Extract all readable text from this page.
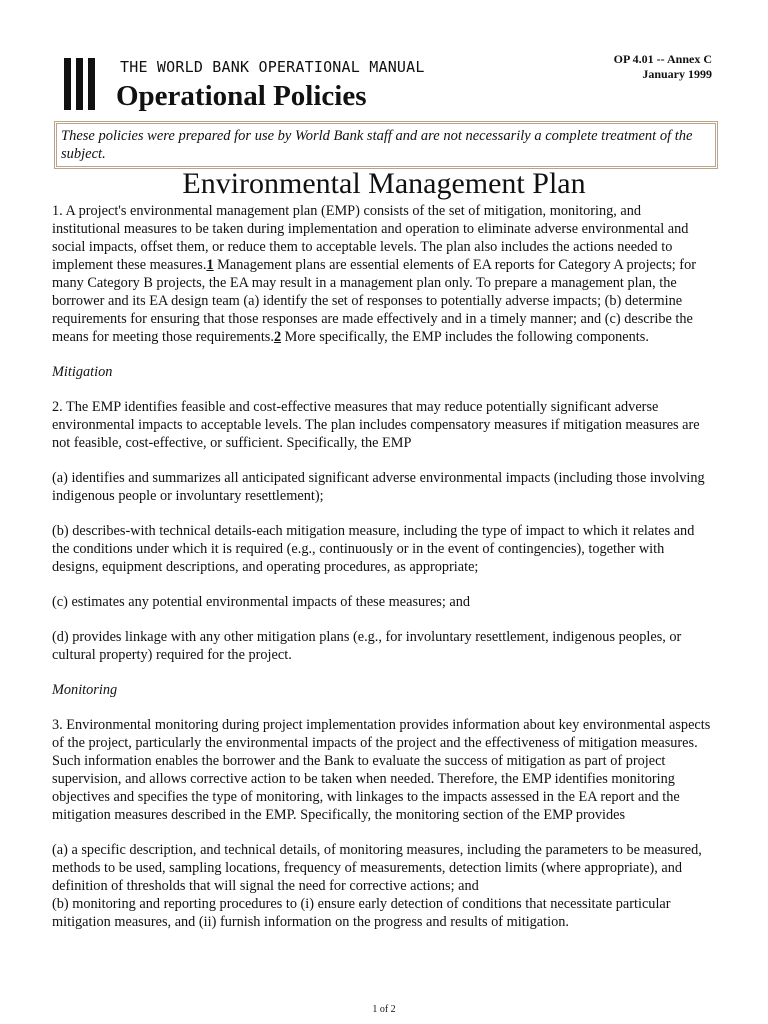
THE WORLD BANK OPERATIONAL MANUAL
Operational Policies
OP 4.01 -- Annex C
January 1999
These policies were prepared for use by World Bank staff and are not necessarily a complete treatment of the subject.
Environmental Management Plan

1. A project's environmental management plan (EMP) consists of the set of mitigation, monitoring, and institutional measures to be taken during implementation and operation to eliminate adverse environmental and social impacts, offset them, or reduce them to acceptable levels. The plan also includes the actions needed to implement these measures.1 Management plans are essential elements of EA reports for Category A projects; for many Category B projects, the EA may result in a management plan only. To prepare a management plan, the borrower and its EA design team (a) identify the set of responses to potentially adverse impacts; (b) determine requirements for ensuring that those responses are made effectively and in a timely manner; and (c) describe the means for meeting those requirements.2 More specifically, the EMP includes the following components.

Mitigation

2. The EMP identifies feasible and cost-effective measures that may reduce potentially significant adverse environmental impacts to acceptable levels. The plan includes compensatory measures if mitigation measures are not feasible, cost-effective, or sufficient. Specifically, the EMP

(a) identifies and summarizes all anticipated significant adverse environmental impacts (including those involving indigenous people or involuntary resettlement);

(b) describes-with technical details-each mitigation measure, including the type of impact to which it relates and the conditions under which it is required (e.g., continuously or in the event of contingencies), together with designs, equipment descriptions, and operating procedures, as appropriate;

(c) estimates any potential environmental impacts of these measures; and

(d) provides linkage with any other mitigation plans (e.g., for involuntary resettlement, indigenous peoples, or cultural property) required for the project.

Monitoring

3. Environmental monitoring during project implementation provides information about key environmental aspects of the project, particularly the environmental impacts of the project and the effectiveness of mitigation measures. Such information enables the borrower and the Bank to evaluate the success of mitigation as part of project supervision, and allows corrective action to be taken when needed. Therefore, the EMP identifies monitoring objectives and specifies the type of monitoring, with linkages to the impacts assessed in the EA report and the mitigation measures described in the EMP. Specifically, the monitoring section of the EMP provides

(a) a specific description, and technical details, of monitoring measures, including the parameters to be measured, methods to be used, sampling locations, frequency of measurements, detection limits (where appropriate), and definition of thresholds that will signal the need for corrective actions; and

(b) monitoring and reporting procedures to (i) ensure early detection of conditions that necessitate particular mitigation measures, and (ii) furnish information on the progress and results of mitigation.

1 of 2
